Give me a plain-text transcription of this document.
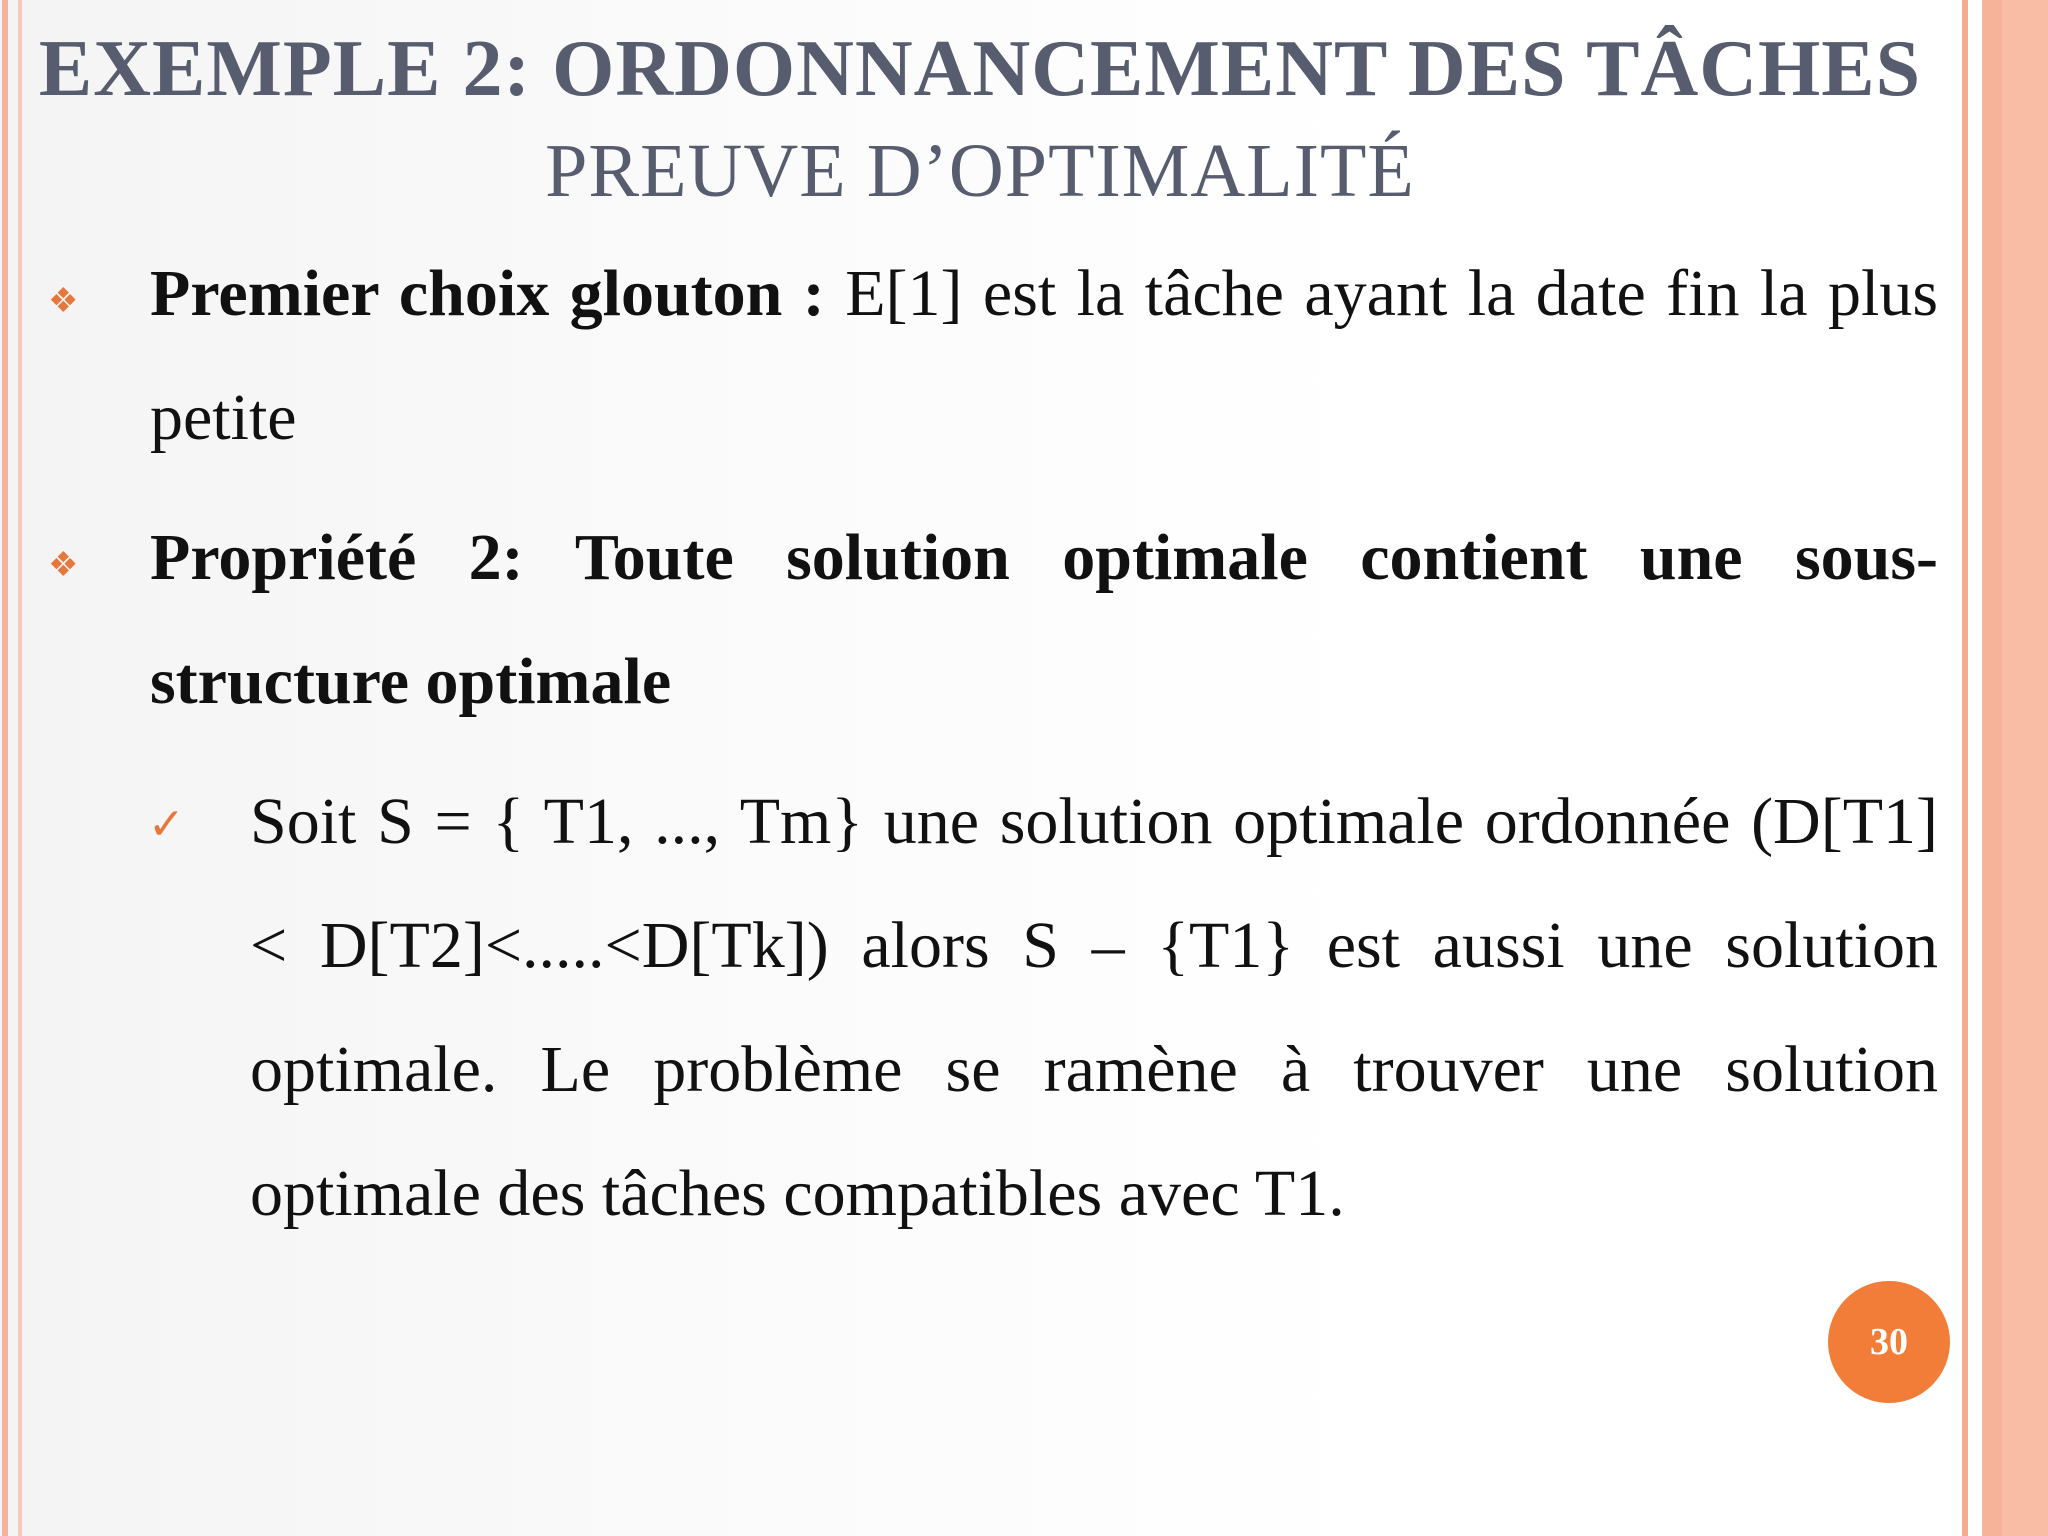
EXEMPLE 2: ORDONNANCEMENT DES TÂCHES
PREUVE D’OPTIMALITÉ
❖ Premier choix glouton : E[1] est la tâche ayant la date fin la plus petite
❖ Propriété 2: Toute solution optimale contient une sous-structure optimale
✓ Soit S = { T1, ..., Tm} une solution optimale ordonnée (D[T1] < D[T2]<.....<D[Tk]) alors S – {T1} est aussi une solution optimale. Le problème se ramène à trouver une solution optimale des tâches compatibles avec T1.
30
